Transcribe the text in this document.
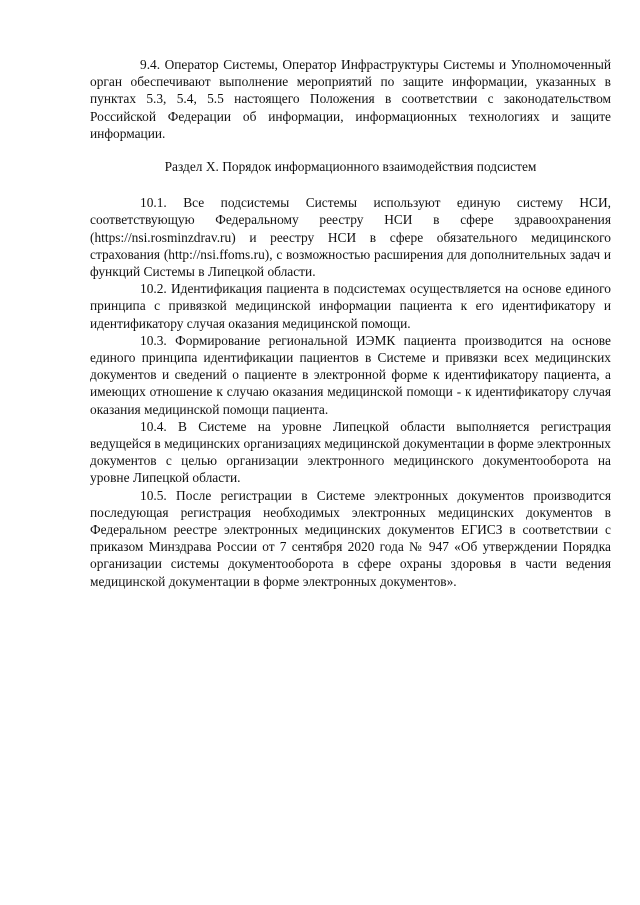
9.4. Оператор Системы, Оператор Инфраструктуры Системы и Уполномоченный орган обеспечивают выполнение мероприятий по защите информации, указанных в пунктах 5.3, 5.4, 5.5 настоящего Положения в соответствии с законодательством Российской Федерации об информации, информационных технологиях и защите информации.

Раздел X. Порядок информационного взаимодействия подсистем

10.1. Все подсистемы Системы используют единую систему НСИ, соответствующую Федеральному реестру НСИ в сфере здравоохранения (https://nsi.rosminzdrav.ru) и реестру НСИ в сфере обязательного медицинского страхования (http://nsi.ffoms.ru), с возможностью расширения для дополнительных задач и функций Системы в Липецкой области.

10.2. Идентификация пациента в подсистемах осуществляется на основе единого принципа с привязкой медицинской информации пациента к его идентификатору и идентификатору случая оказания медицинской помощи.

10.3. Формирование региональной ИЭМК пациента производится на основе единого принципа идентификации пациентов в Системе и привязки всех медицинских документов и сведений о пациенте в электронной форме к идентификатору пациента, а имеющих отношение к случаю оказания медицинской помощи - к идентификатору случая оказания медицинской помощи пациента.

10.4. В Системе на уровне Липецкой области выполняется регистрация ведущейся в медицинских организациях медицинской документации в форме электронных документов с целью организации электронного медицинского документооборота на уровне Липецкой области.

10.5. После регистрации в Системе электронных документов производится последующая регистрация необходимых электронных медицинских документов в Федеральном реестре электронных медицинских документов ЕГИСЗ в соответствии с приказом Минздрава России от 7 сентября 2020 года № 947 «Об утверждении Порядка организации системы документооборота в сфере охраны здоровья в части ведения медицинской документации в форме электронных документов».
